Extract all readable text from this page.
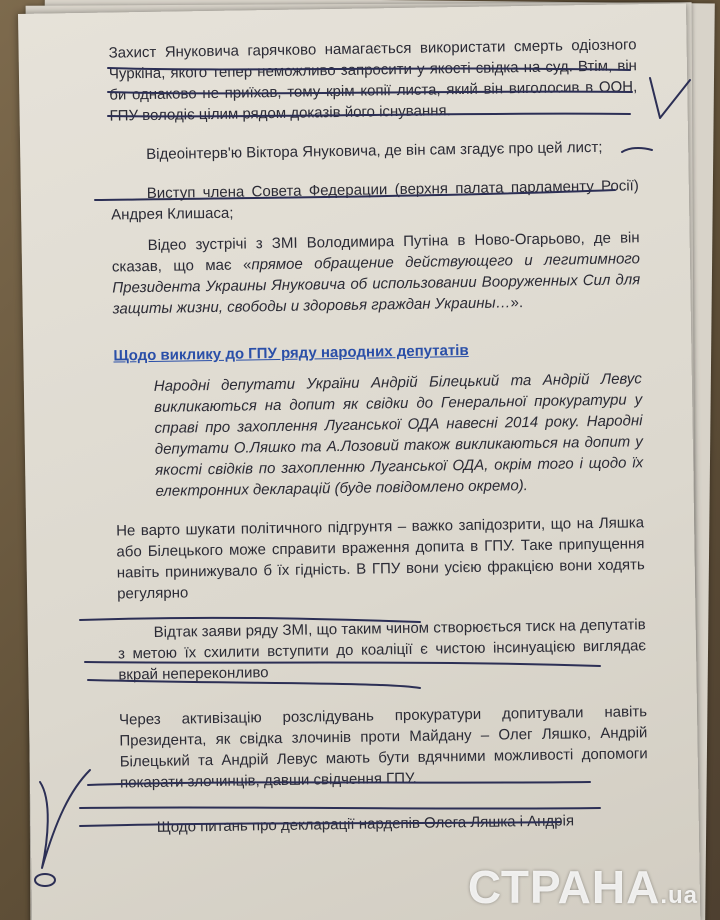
Захист Януковича гарячково намагається використати смерть одіозного Чуркіна, якого тепер неможливо запросити у якості свідка на суд. Втім, він би однаково не приїхав, тому крім копії листа, який він виголосив в ООН, ГПУ володіє цілим рядом доказів його існування.

Відеоінтерв'ю Віктора Януковича, де він сам згадує про цей лист;

Виступ члена Совета Федерации (верхня палата парламенту Росії) Андрея Клишаса;

Відео зустрічі з ЗМІ Володимира Путіна в Ново-Огарьово, де він сказав, що має «прямое обращение действующего и легитимного Президента Украины Януковича об использовании Вооруженных Сил для защиты жизни, свободы и здоровья граждан Украины…».

Щодо виклику до ГПУ ряду народних депутатів

Народні депутати України Андрій Білецький та Андрій Левус викликаються на допит як свідки до Генеральної прокуратури у справі про захоплення Луганської ОДА навесні 2014 року. Народні депутати О.Ляшко та А.Лозовий також викликаються на допит у якості свідків по захопленню Луганської ОДА, окрім того і щодо їх електронних декларацій (буде повідомлено окремо).

Не варто шукати політичного підгрунтя – важко запідозрити, що на Ляшка або Білецького може справити враження допита в ГПУ. Таке припущення навіть принижувало б їх гідність. В ГПУ вони усією фракцією вони ходять регулярно

Відтак заяви ряду ЗМІ, що таким чином створюється тиск на депутатів з метою їх схилити вступити до коаліції є чистою інсинуацією виглядає вкрай непереконливо

Через активізацію розслідувань прокуратури допитували навіть Президента, як свідка злочинів проти Майдану – Олег Ляшко, Андрій Білецький та Андрій Левус мають бути вдячними можливості допомоги покарати злочинців, давши свідчення ГПУ.

Щодо питань про декларації нардепів Олега Ляшка і Андрія

СТРАНА.ua
